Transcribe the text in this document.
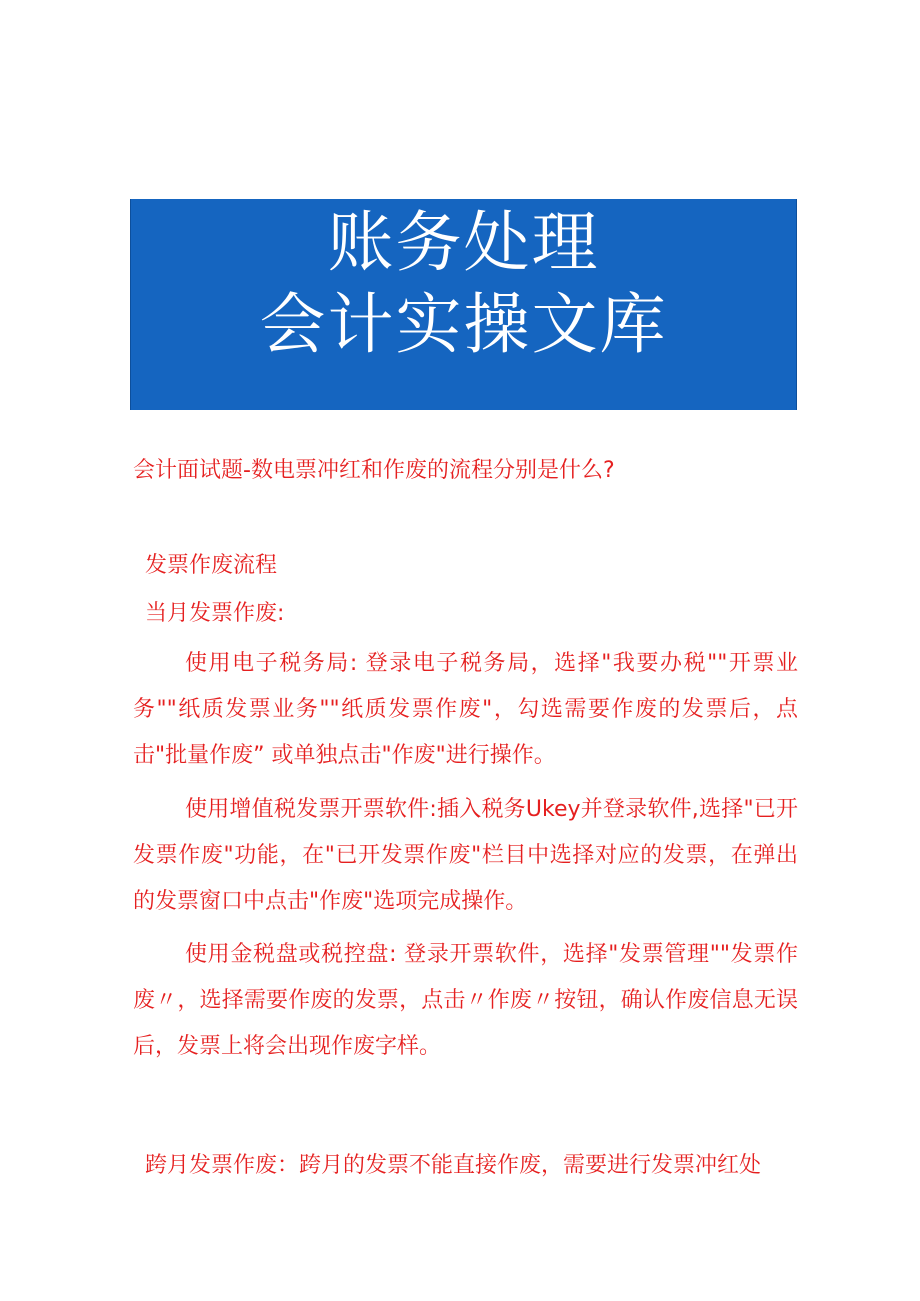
账务处理
会计实操文库
会计面试题-数电票冲红和作废的流程分别是什么?
发票作废流程
当月发票作废:
使用电子税务局: 登录电子税务局，选择"我要办税""开票业务""纸质发票业务""纸质发票作废"，勾选需要作废的发票后，点击"批量作废” 或单独点击"作废"进行操作。
使用增值税发票开票软件:插入税务Ukey并登录软件,选择"已开发票作废"功能，在"已开发票作废"栏目中选择对应的发票，在弹出的发票窗口中点击"作废"选项完成操作。
使用金税盘或税控盘: 登录开票软件，选择"发票管理""发票作废〃，选择需要作废的发票，点击〃作废〃按钮，确认作废信息无误后，发票上将会出现作废字样。
跨月发票作废：跨月的发票不能直接作废，需要进行发票冲红处
